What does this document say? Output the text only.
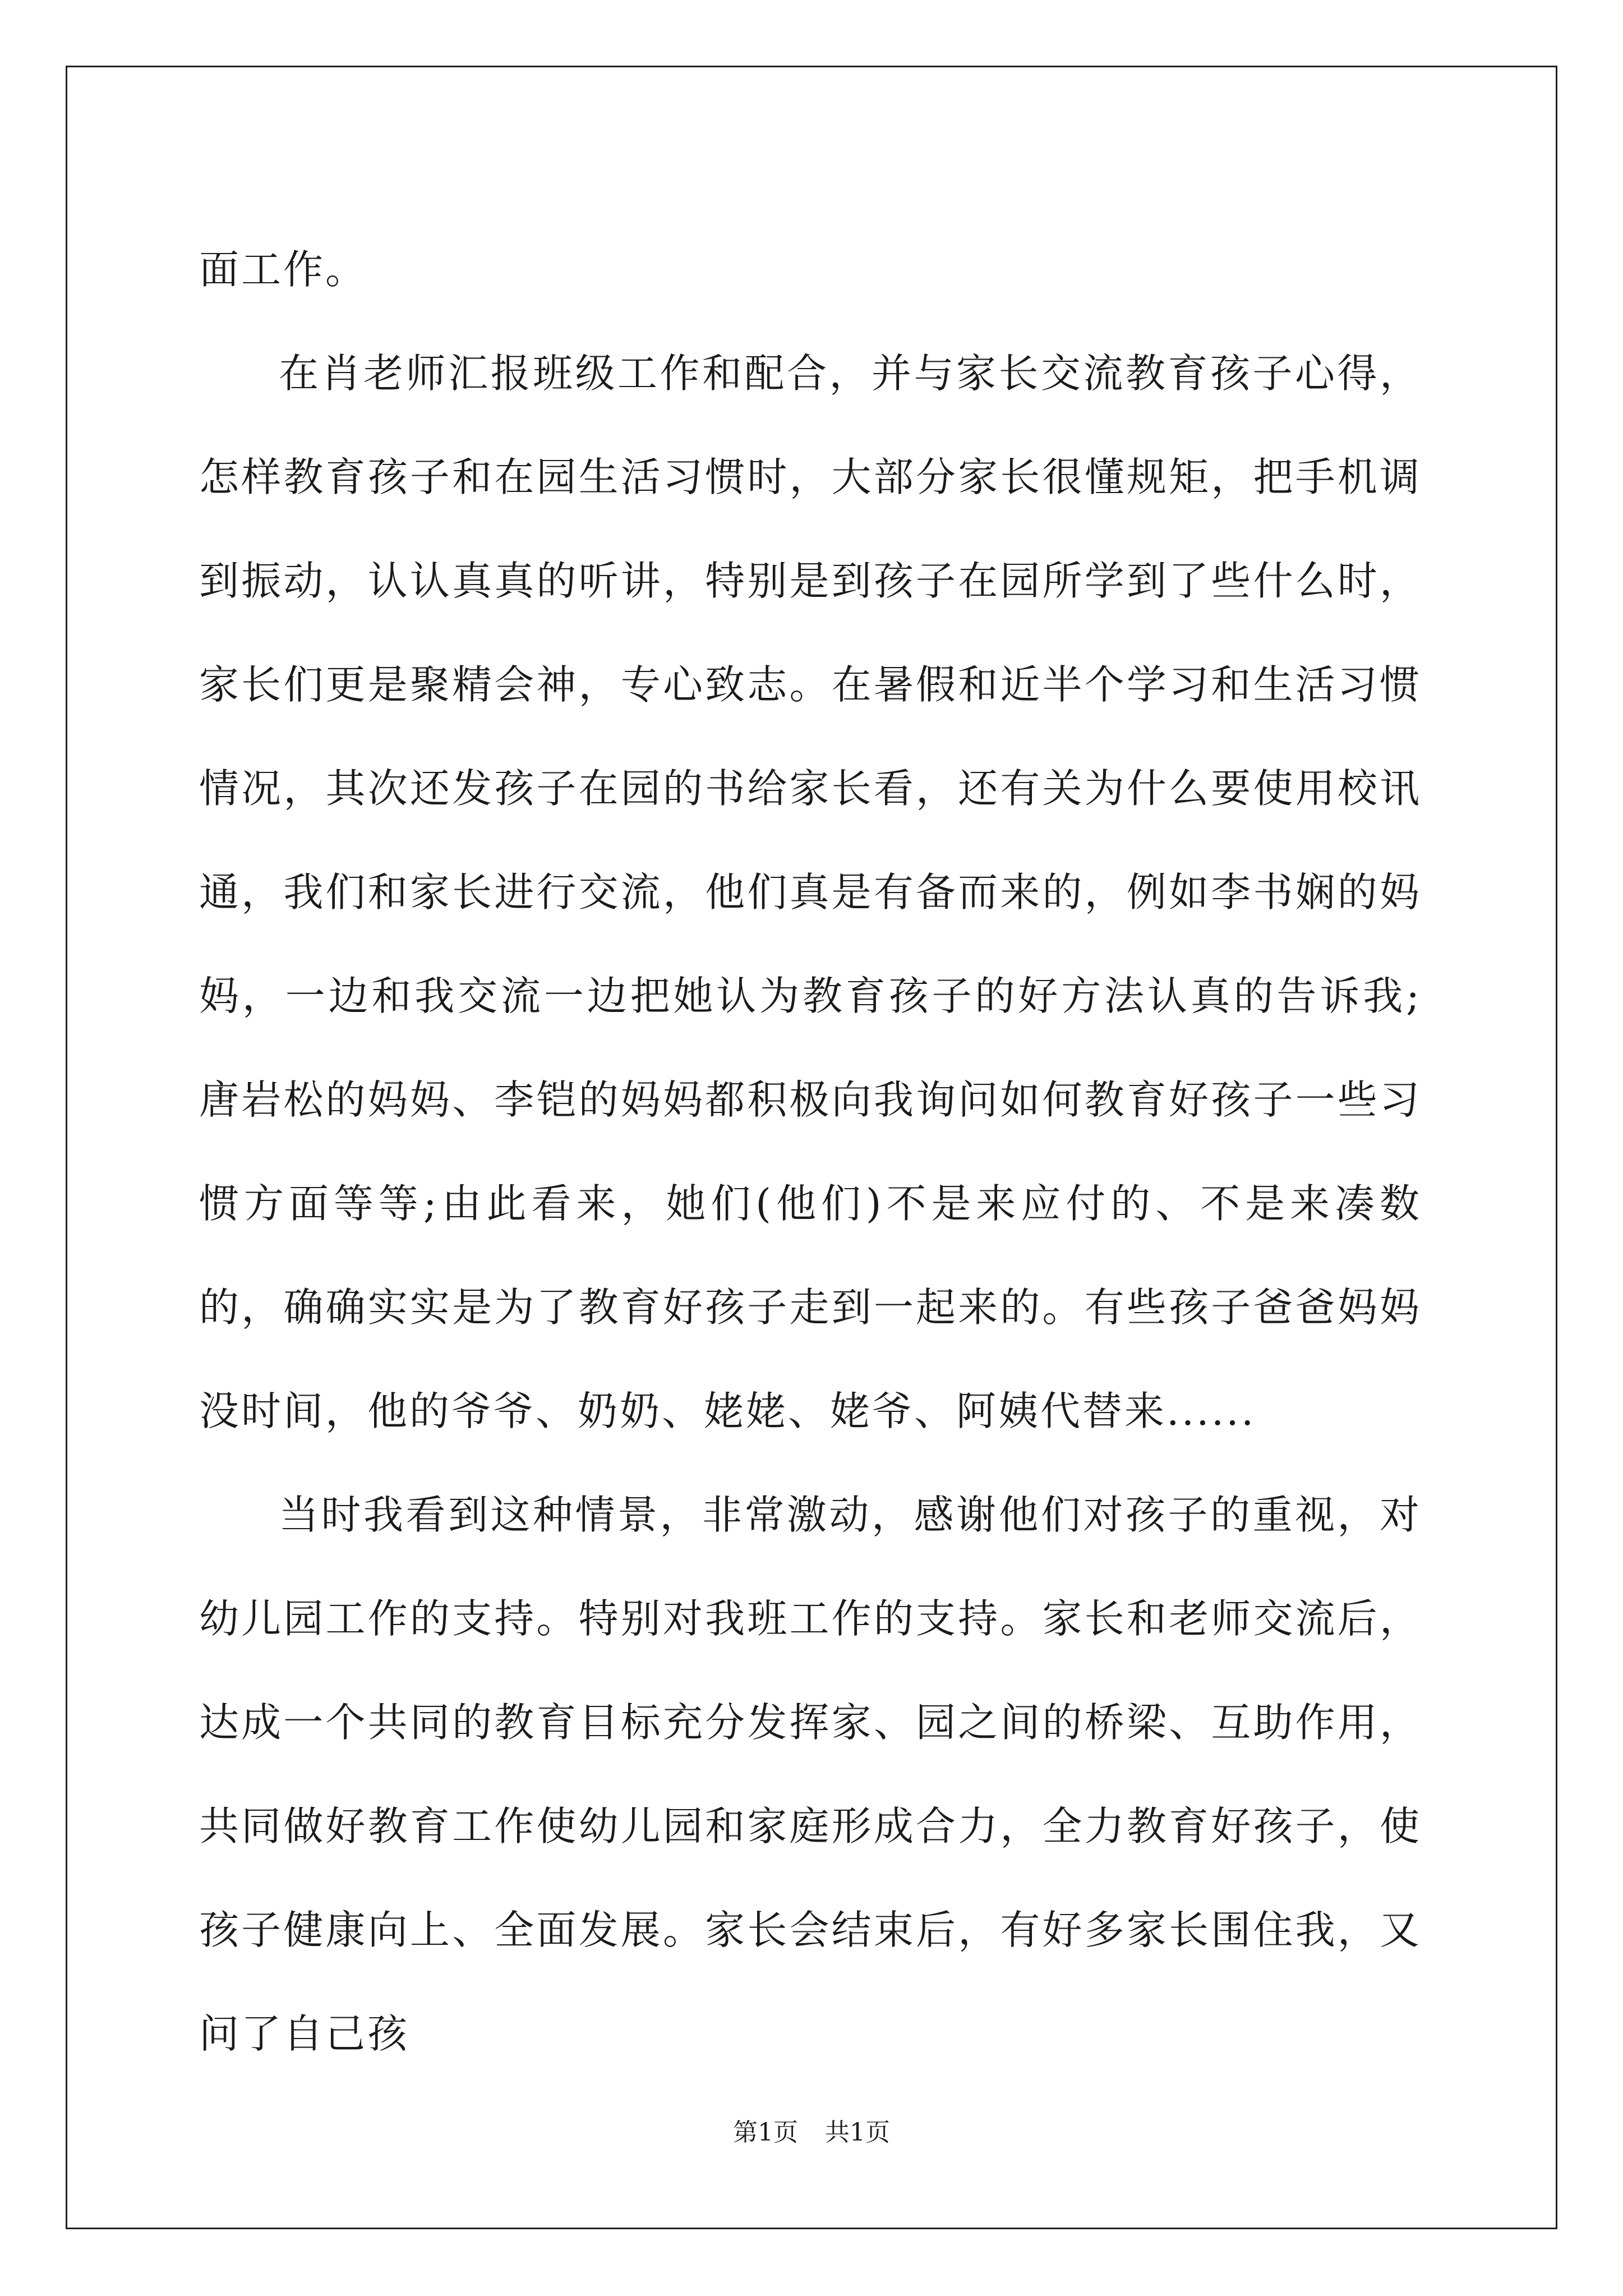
面工作。

在肖老师汇报班级工作和配合，并与家长交流教育孩子心得，怎样教育孩子和在园生活习惯时，大部分家长很懂规矩，把手机调到振动，认认真真的听讲，特别是到孩子在园所学到了些什么时，家长们更是聚精会神，专心致志。在暑假和近半个学习和生活习惯情况，其次还发孩子在园的书给家长看，还有关为什么要使用校讯通，我们和家长进行交流，他们真是有备而来的，例如李书娴的妈妈，一边和我交流一边把她认为教育孩子的好方法认真的告诉我;唐岩松的妈妈、李铠的妈妈都积极向我询问如何教育好孩子一些习惯方面等等;由此看来，她们(他们)不是来应付的、不是来凑数的，确确实实是为了教育好孩子走到一起来的。有些孩子爸爸妈妈没时间，他的爷爷、奶奶、姥姥、姥爷、阿姨代替来......

当时我看到这种情景，非常激动，感谢他们对孩子的重视，对幼儿园工作的支持。特别对我班工作的支持。家长和老师交流后，达成一个共同的教育目标充分发挥家、园之间的桥梁、互助作用，共同做好教育工作使幼儿园和家庭形成合力，全力教育好孩子，使孩子健康向上、全面发展。家长会结束后，有好多家长围住我，又问了自己孩

第1页 共1页
